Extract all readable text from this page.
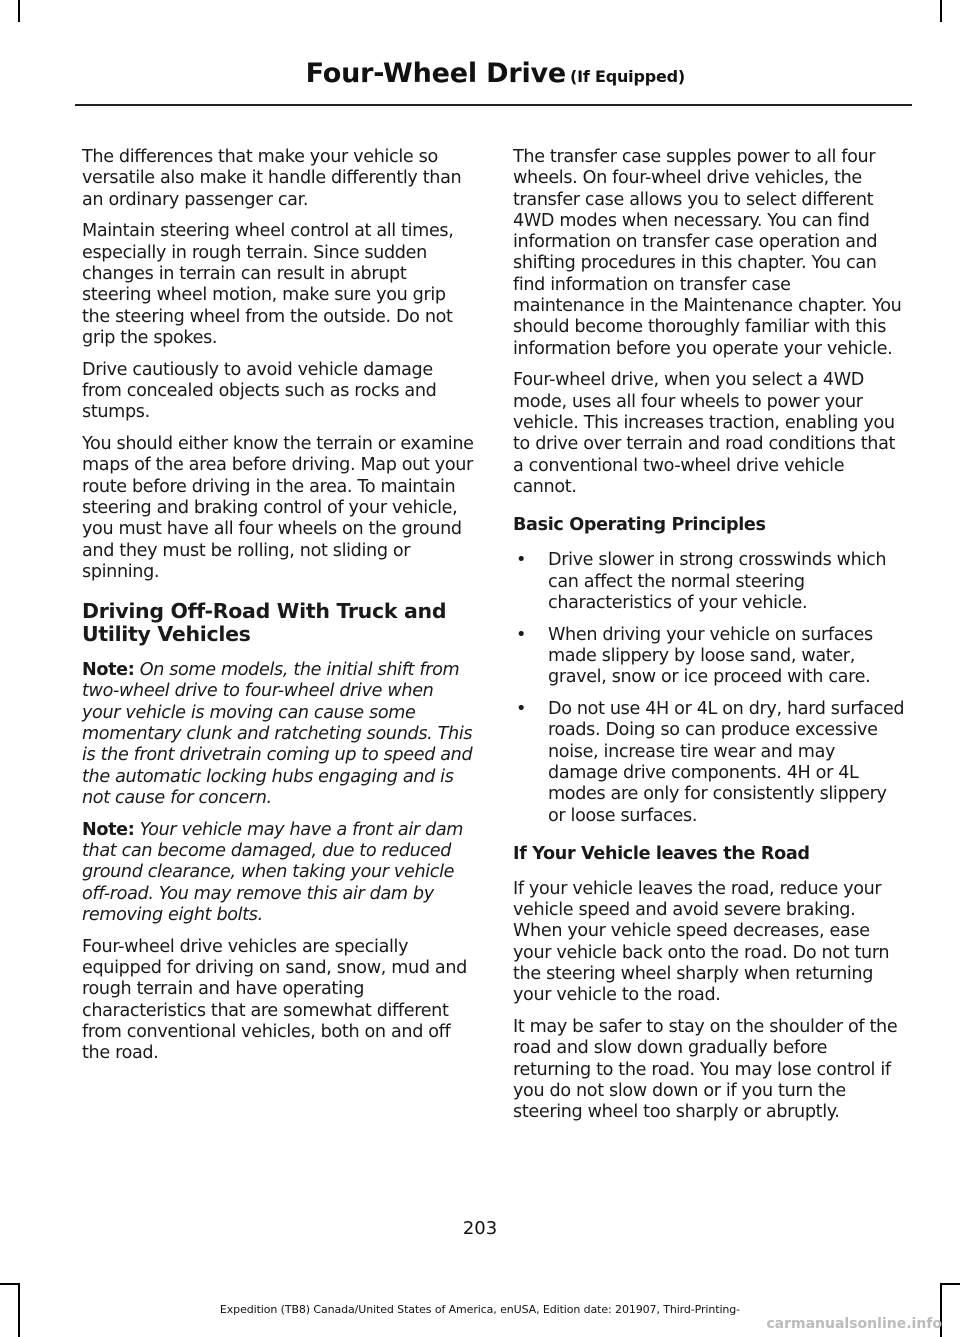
Four-Wheel Drive (If Equipped)

The differences that make your vehicle so versatile also make it handle differently than an ordinary passenger car.

Maintain steering wheel control at all times, especially in rough terrain. Since sudden changes in terrain can result in abrupt steering wheel motion, make sure you grip the steering wheel from the outside. Do not grip the spokes.

Drive cautiously to avoid vehicle damage from concealed objects such as rocks and stumps.

You should either know the terrain or examine maps of the area before driving. Map out your route before driving in the area. To maintain steering and braking control of your vehicle, you must have all four wheels on the ground and they must be rolling, not sliding or spinning.

Driving Off-Road With Truck and Utility Vehicles

Note: On some models, the initial shift from two-wheel drive to four-wheel drive when your vehicle is moving can cause some momentary clunk and ratcheting sounds. This is the front drivetrain coming up to speed and the automatic locking hubs engaging and is not cause for concern.

Note: Your vehicle may have a front air dam that can become damaged, due to reduced ground clearance, when taking your vehicle off-road. You may remove this air dam by removing eight bolts.

Four-wheel drive vehicles are specially equipped for driving on sand, snow, mud and rough terrain and have operating characteristics that are somewhat different from conventional vehicles, both on and off the road.

The transfer case supples power to all four wheels. On four-wheel drive vehicles, the transfer case allows you to select different 4WD modes when necessary. You can find information on transfer case operation and shifting procedures in this chapter. You can find information on transfer case maintenance in the Maintenance chapter. You should become thoroughly familiar with this information before you operate your vehicle.

Four-wheel drive, when you select a 4WD mode, uses all four wheels to power your vehicle. This increases traction, enabling you to drive over terrain and road conditions that a conventional two-wheel drive vehicle cannot.

Basic Operating Principles
• Drive slower in strong crosswinds which can affect the normal steering characteristics of your vehicle.
• When driving your vehicle on surfaces made slippery by loose sand, water, gravel, snow or ice proceed with care.
• Do not use 4H or 4L on dry, hard surfaced roads. Doing so can produce excessive noise, increase tire wear and may damage drive components. 4H or 4L modes are only for consistently slippery or loose surfaces.
If Your Vehicle leaves the Road

If your vehicle leaves the road, reduce your vehicle speed and avoid severe braking. When your vehicle speed decreases, ease your vehicle back onto the road. Do not turn the steering wheel sharply when returning your vehicle to the road.

It may be safer to stay on the shoulder of the road and slow down gradually before returning to the road. You may lose control if you do not slow down or if you turn the steering wheel too sharply or abruptly.

203
Expedition (TB8) Canada/United States of America, enUSA, Edition date: 201907, Third-Printing-
carmanualsonline.info
